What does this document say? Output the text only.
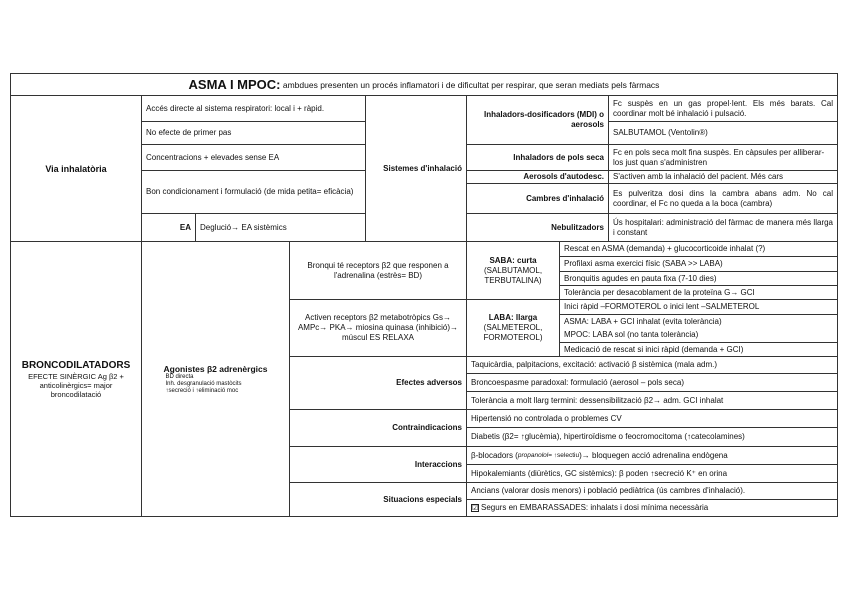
ASMA I MPOC: ambdues presenten un procés inflamatori i de dificultat per respirar, que seran mediats pels fàrmacs
Via inhalatòria
Accés directe al sistema respiratori: local i + ràpid.
No efecte de primer pas
Concentracions + elevades sense EA
Bon condicionament i formulació (de mida petita= eficàcia)
EA	Deglució→ EA sistèmics
Sistemes d'inhalació
Inhaladors-dosificadors (MDI) o aerosols
Fc suspès en un gas propel·lent. Els més barats. Cal coordinar molt bé inhalació i pulsació.
SALBUTAMOL (Ventolin®)
Inhaladors de pols seca
Fc en pols seca molt fina suspès. En càpsules per alliberar-los just quan s'administren
Aerosols d'autodesc.	S'activen amb la inhalació del pacient. Més cars
Cambres d'inhalació
Es pulveritza dosi dins la cambra abans adm. No cal coordinar, el Fc no queda a la boca (cambra)
Nebulitzadors
Ús hospitalari: administració del fàrmac de manera més llarga i constant
BRONCODILATADORS
EFECTE SINÈRGIC Ag β2 + anticolinèrgics= major broncodilatació
Agonistes β2 adrenèrgics
BD directa
Inh. desgranulació mastòcits
↑secreció i ↑eliminació moc
Bronqui té receptors β2 que responen a l'adrenalina (estrès= BD)
Activen receptors β2 metabotròpics Gs→ AMPc→ PKA→ miosina quinasa (inhibició)→ múscul ES RELAXA
SABA: curta
(SALBUTAMOL, TERBUTALINA)
Rescat en ASMA (demanda) + glucocorticoide inhalat (?)
Profilaxi asma exercici físic (SABA >> LABA)
Bronquitis agudes en pauta fixa (7-10 dies)
Tolerància per desacoblament de la proteïna G→ GCI
LABA: llarga
(SALMETEROL, FORMOTEROL)
Inici ràpid –FORMOTEROL o inici lent –SALMETEROL
ASMA: LABA + GCI inhalat (evita tolerància)
MPOC: LABA sol (no tanta tolerància)
Medicació de rescat si inici ràpid (demanda + GCI)
Efectes adversos
Taquicàrdia, palpitacions, excitació: activació β sistèmica (mala adm.)
Broncoespasme paradoxal: formulació (aerosol – pols seca)
Tolerància a molt llarg termini: dessensibilització β2→ adm. GCI inhalat
Contraindicacions
Hipertensió no controlada o problemes CV
Diabetis (β2= ↑glucèmia), hipertiroïdisme o feocromocitoma (↑catecolamines)
Interaccions
β-blocadors ( propanolol = ↑selectiu )→ bloquegen acció adrenalina endògena
Hipokalemiants (diürètics, GC sistèmics): β poden ↑secreció K⁺ en orina
Situacions especials
Ancians (valorar dosis menors) i població pediàtrica (ús cambres d'inhalació).
☑ Segurs en EMBARASSADES: inhalats i dosi mínima necessària
